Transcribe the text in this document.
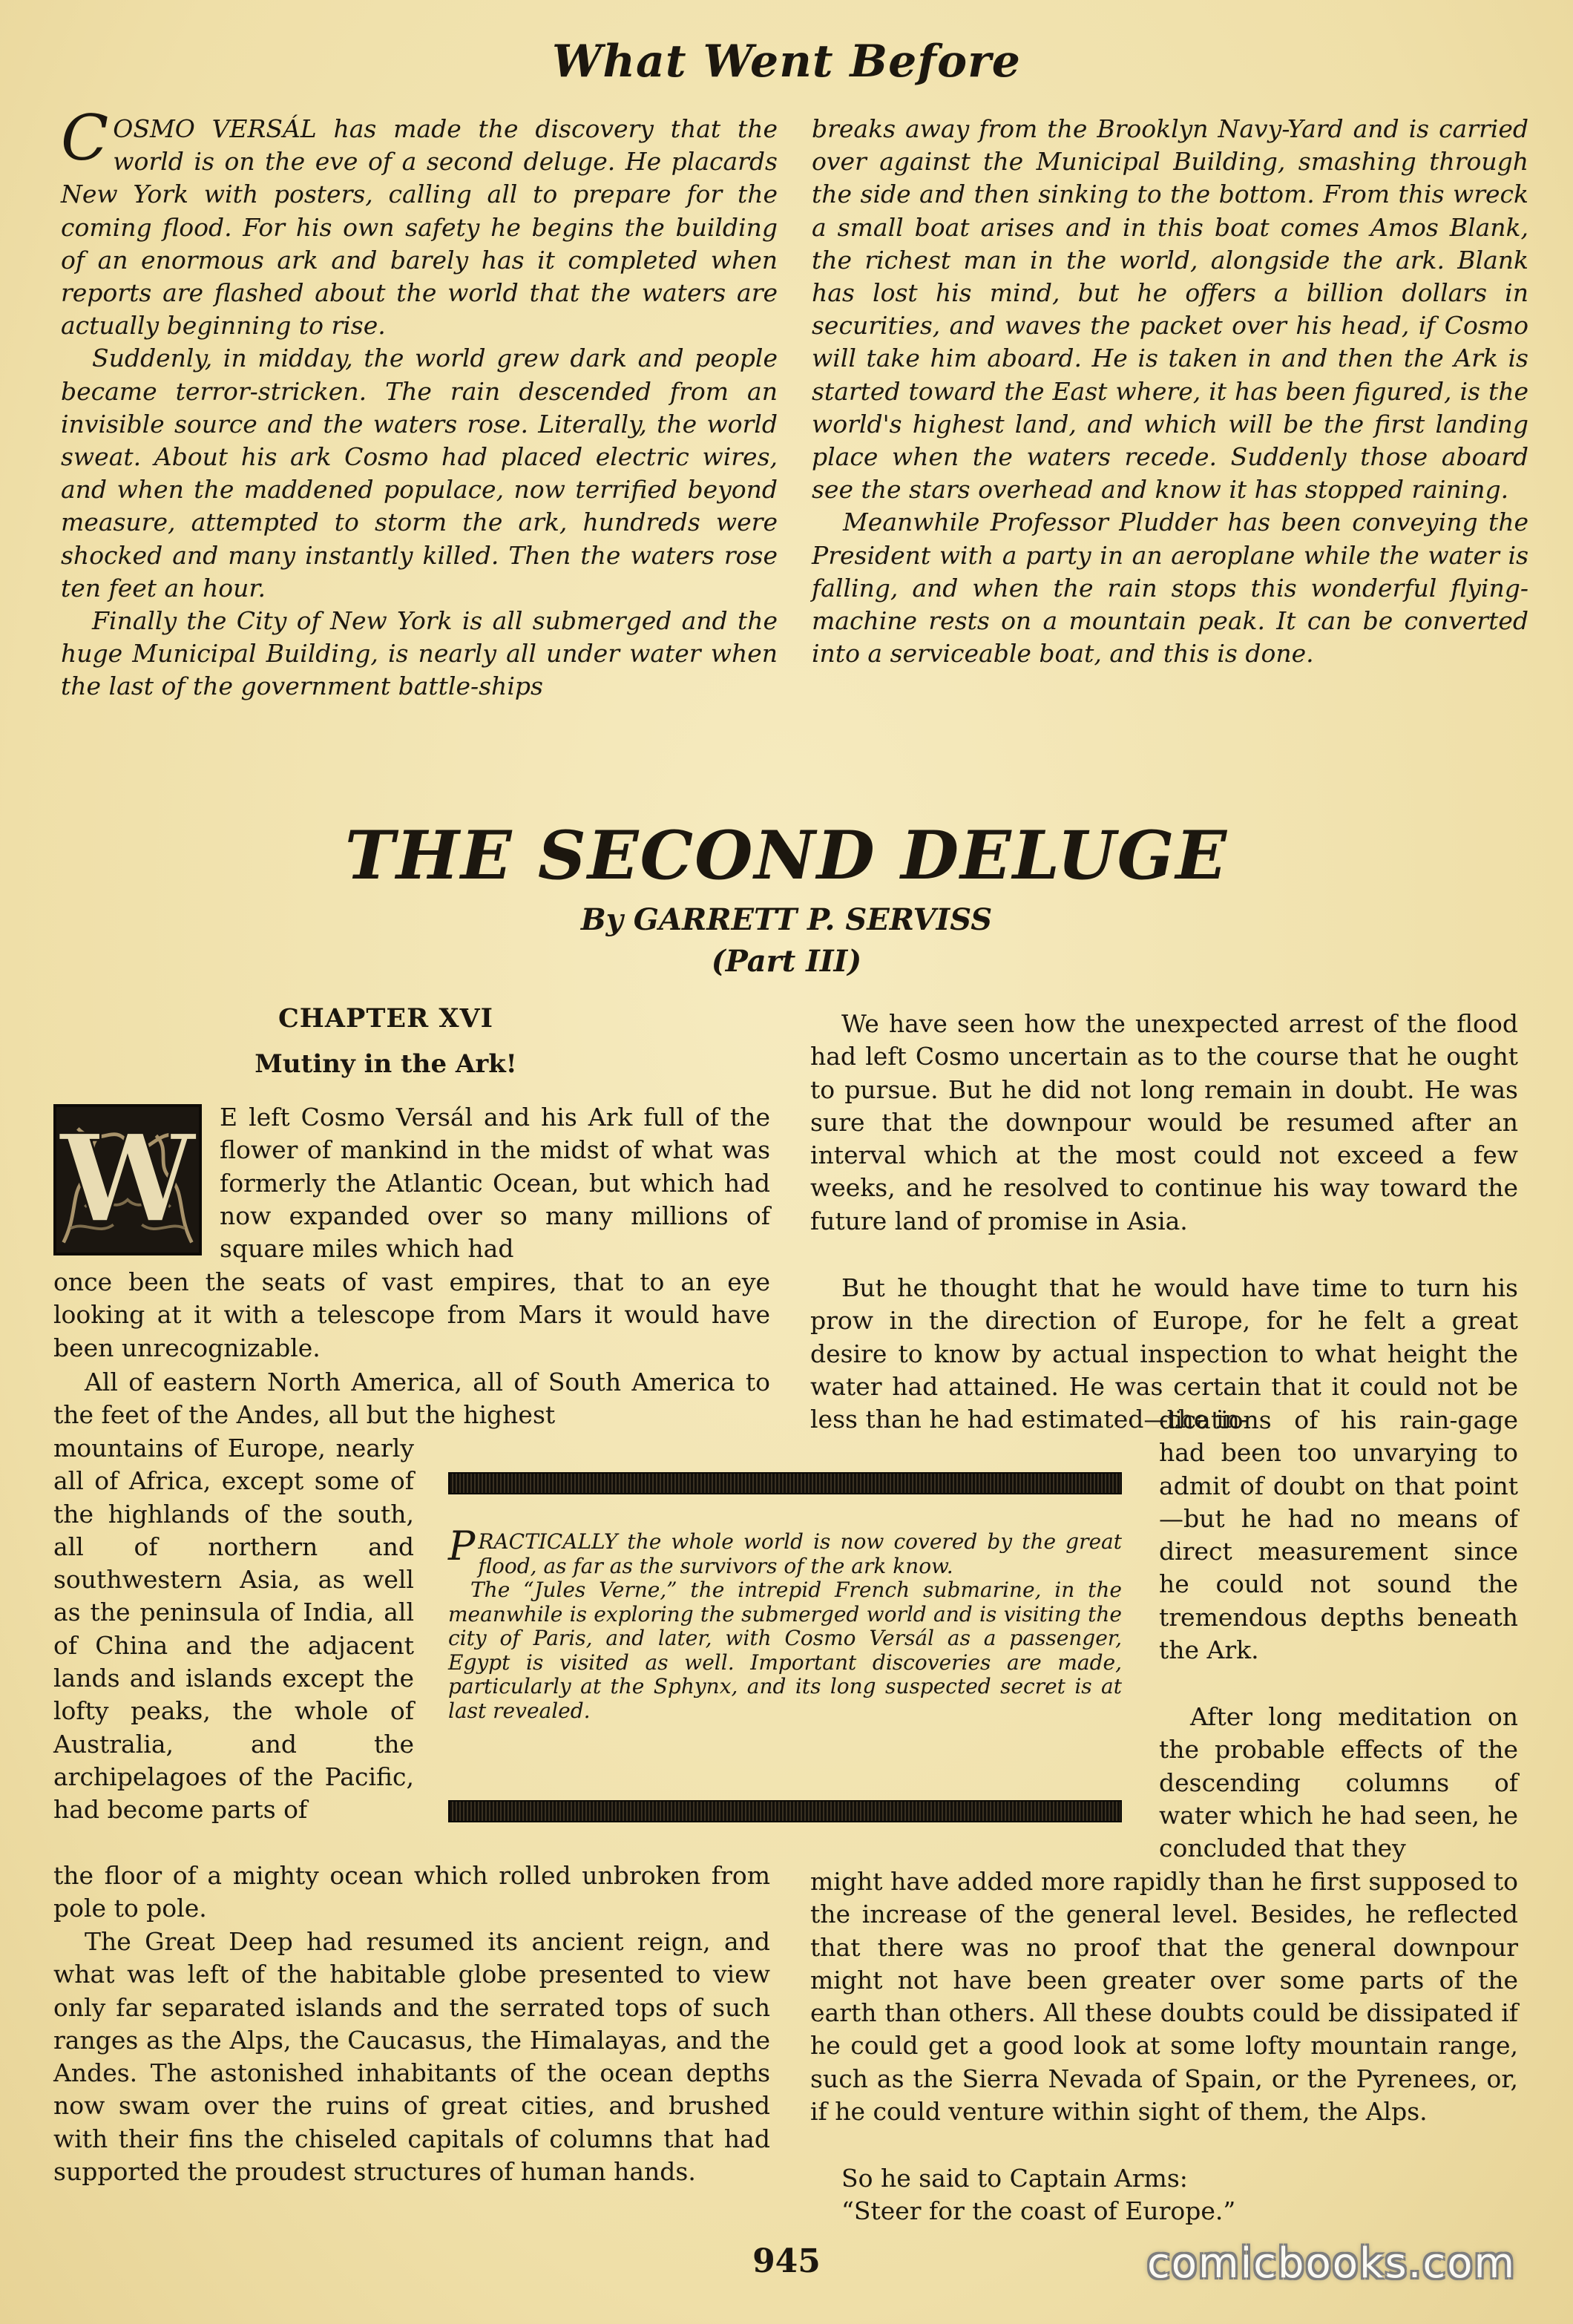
What Went Before

COSMO VERSÁL has made the discovery that the world is on the eve of a second deluge. He placards New York with posters, calling all to prepare for the coming flood. For his own safety he begins the building of an enormous ark and barely has it completed when reports are flashed about the world that the waters are actually beginning to rise.

Suddenly, in midday, the world grew dark and people became terror-stricken. The rain descended from an invisible source and the waters rose. Literally, the world sweat. About his ark Cosmo had placed electric wires, and when the maddened populace, now terrified beyond measure, attempted to storm the ark, hundreds were shocked and many instantly killed. Then the waters rose ten feet an hour.

Finally the City of New York is all submerged and the huge Municipal Building, is nearly all under water when the last of the government battle-ships

breaks away from the Brooklyn Navy-Yard and is carried over against the Municipal Building, smashing through the side and then sinking to the bottom. From this wreck a small boat arises and in this boat comes Amos Blank, the richest man in the world, alongside the ark. Blank has lost his mind, but he offers a billion dollars in securities, and waves the packet over his head, if Cosmo will take him aboard. He is taken in and then the Ark is started toward the East where, it has been figured, is the world's highest land, and which will be the first landing place when the waters recede. Suddenly those aboard see the stars overhead and know it has stopped raining.

Meanwhile Professor Pludder has been conveying the President with a party in an aeroplane while the water is falling, and when the rain stops this wonderful flying-machine rests on a mountain peak. It can be converted into a serviceable boat, and this is done.

THE SECOND DELUGE
By GARRETT P. SERVISS
(Part III)
CHAPTER XVI
Mutiny in the Ark!
W E left Cosmo Versál and his Ark full of the flower of mankind in the midst of what was formerly the Atlantic Ocean, but which had now expanded over so many millions of square miles which had
once been the seats of vast empires, that to an eye looking at it with a telescope from Mars it would have been unrecognizable.

All of eastern North America, all of South America to the feet of the Andes, all but the highest

mountains of Europe, nearly all of Africa, except some of the highlands of the south, all of northern and southwestern Asia, as well as the peninsula of India, all of China and the adjacent lands and islands except the lofty peaks, the whole of Australia, and the archipelagoes of the Pacific, had become parts of
the floor of a mighty ocean which rolled unbroken from pole to pole.

The Great Deep had resumed its ancient reign, and what was left of the habitable globe presented to view only far separated islands and the serrated tops of such ranges as the Alps, the Caucasus, the Himalayas, and the Andes. The astonished inhabitants of the ocean depths now swam over the ruins of great cities, and brushed with their fins the chiseled capitals of columns that had supported the proudest structures of human hands.

We have seen how the unexpected arrest of the flood had left Cosmo uncertain as to the course that he ought to pursue. But he did not long remain in doubt. He was sure that the downpour would be resumed after an interval which at the most could not exceed a few weeks, and he resolved to continue his way toward the future land of promise in Asia.

But he thought that he would have time to turn his prow in the direction of Europe, for he felt a great desire to know by actual inspection to what height the water had attained. He was certain that it could not be less than he had estimated—the in-

dications of his rain-gage had been too unvarying to admit of doubt on that point—but he had no means of direct measurement since he could not sound the tremendous depths beneath the Ark.

After long meditation on the probable effects of the descending columns of water which he had seen, he concluded that they

might have added more rapidly than he first supposed to the increase of the general level. Besides, he reflected that there was no proof that the general downpour might not have been greater over some parts of the earth than others. All these doubts could be dissipated if he could get a good look at some lofty mountain range, such as the Sierra Nevada of Spain, or the Pyrenees, or, if he could venture within sight of them, the Alps.

So he said to Captain Arms:

“Steer for the coast of Europe.”

PRACTICALLY the whole world is now covered by the great flood, as far as the survivors of the ark know.

The “Jules Verne,” the intrepid French submarine, in the meanwhile is exploring the submerged world and is visiting the city of Paris, and later, with Cosmo Versál as a passenger, Egypt is visited as well. Important discoveries are made, particularly at the Sphynx, and its long suspected secret is at last revealed.

945	comicbooks.com
